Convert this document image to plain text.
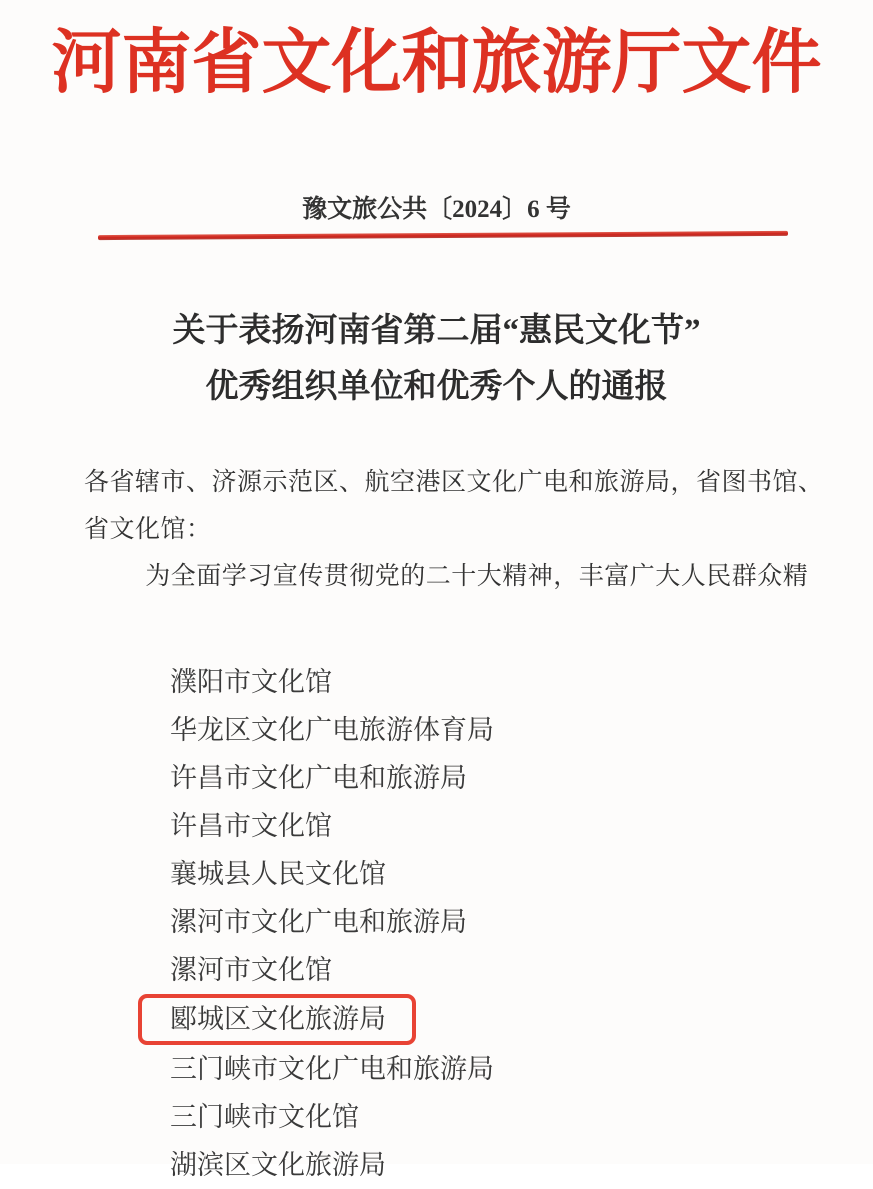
河南省文化和旅游厅文件
豫文旅公共〔2024〕6 号
关于表扬河南省第二届“惠民文化节”
优秀组织单位和优秀个人的通报
各省辖市、济源示范区、航空港区文化广电和旅游局，省图书馆、
省文化馆：
为全面学习宣传贯彻党的二十大精神，丰富广大人民群众精
濮阳市文化馆
华龙区文化广电旅游体育局
许昌市文化广电和旅游局
许昌市文化馆
襄城县人民文化馆
漯河市文化广电和旅游局
漯河市文化馆
郾城区文化旅游局
三门峡市文化广电和旅游局
三门峡市文化馆
湖滨区文化旅游局
